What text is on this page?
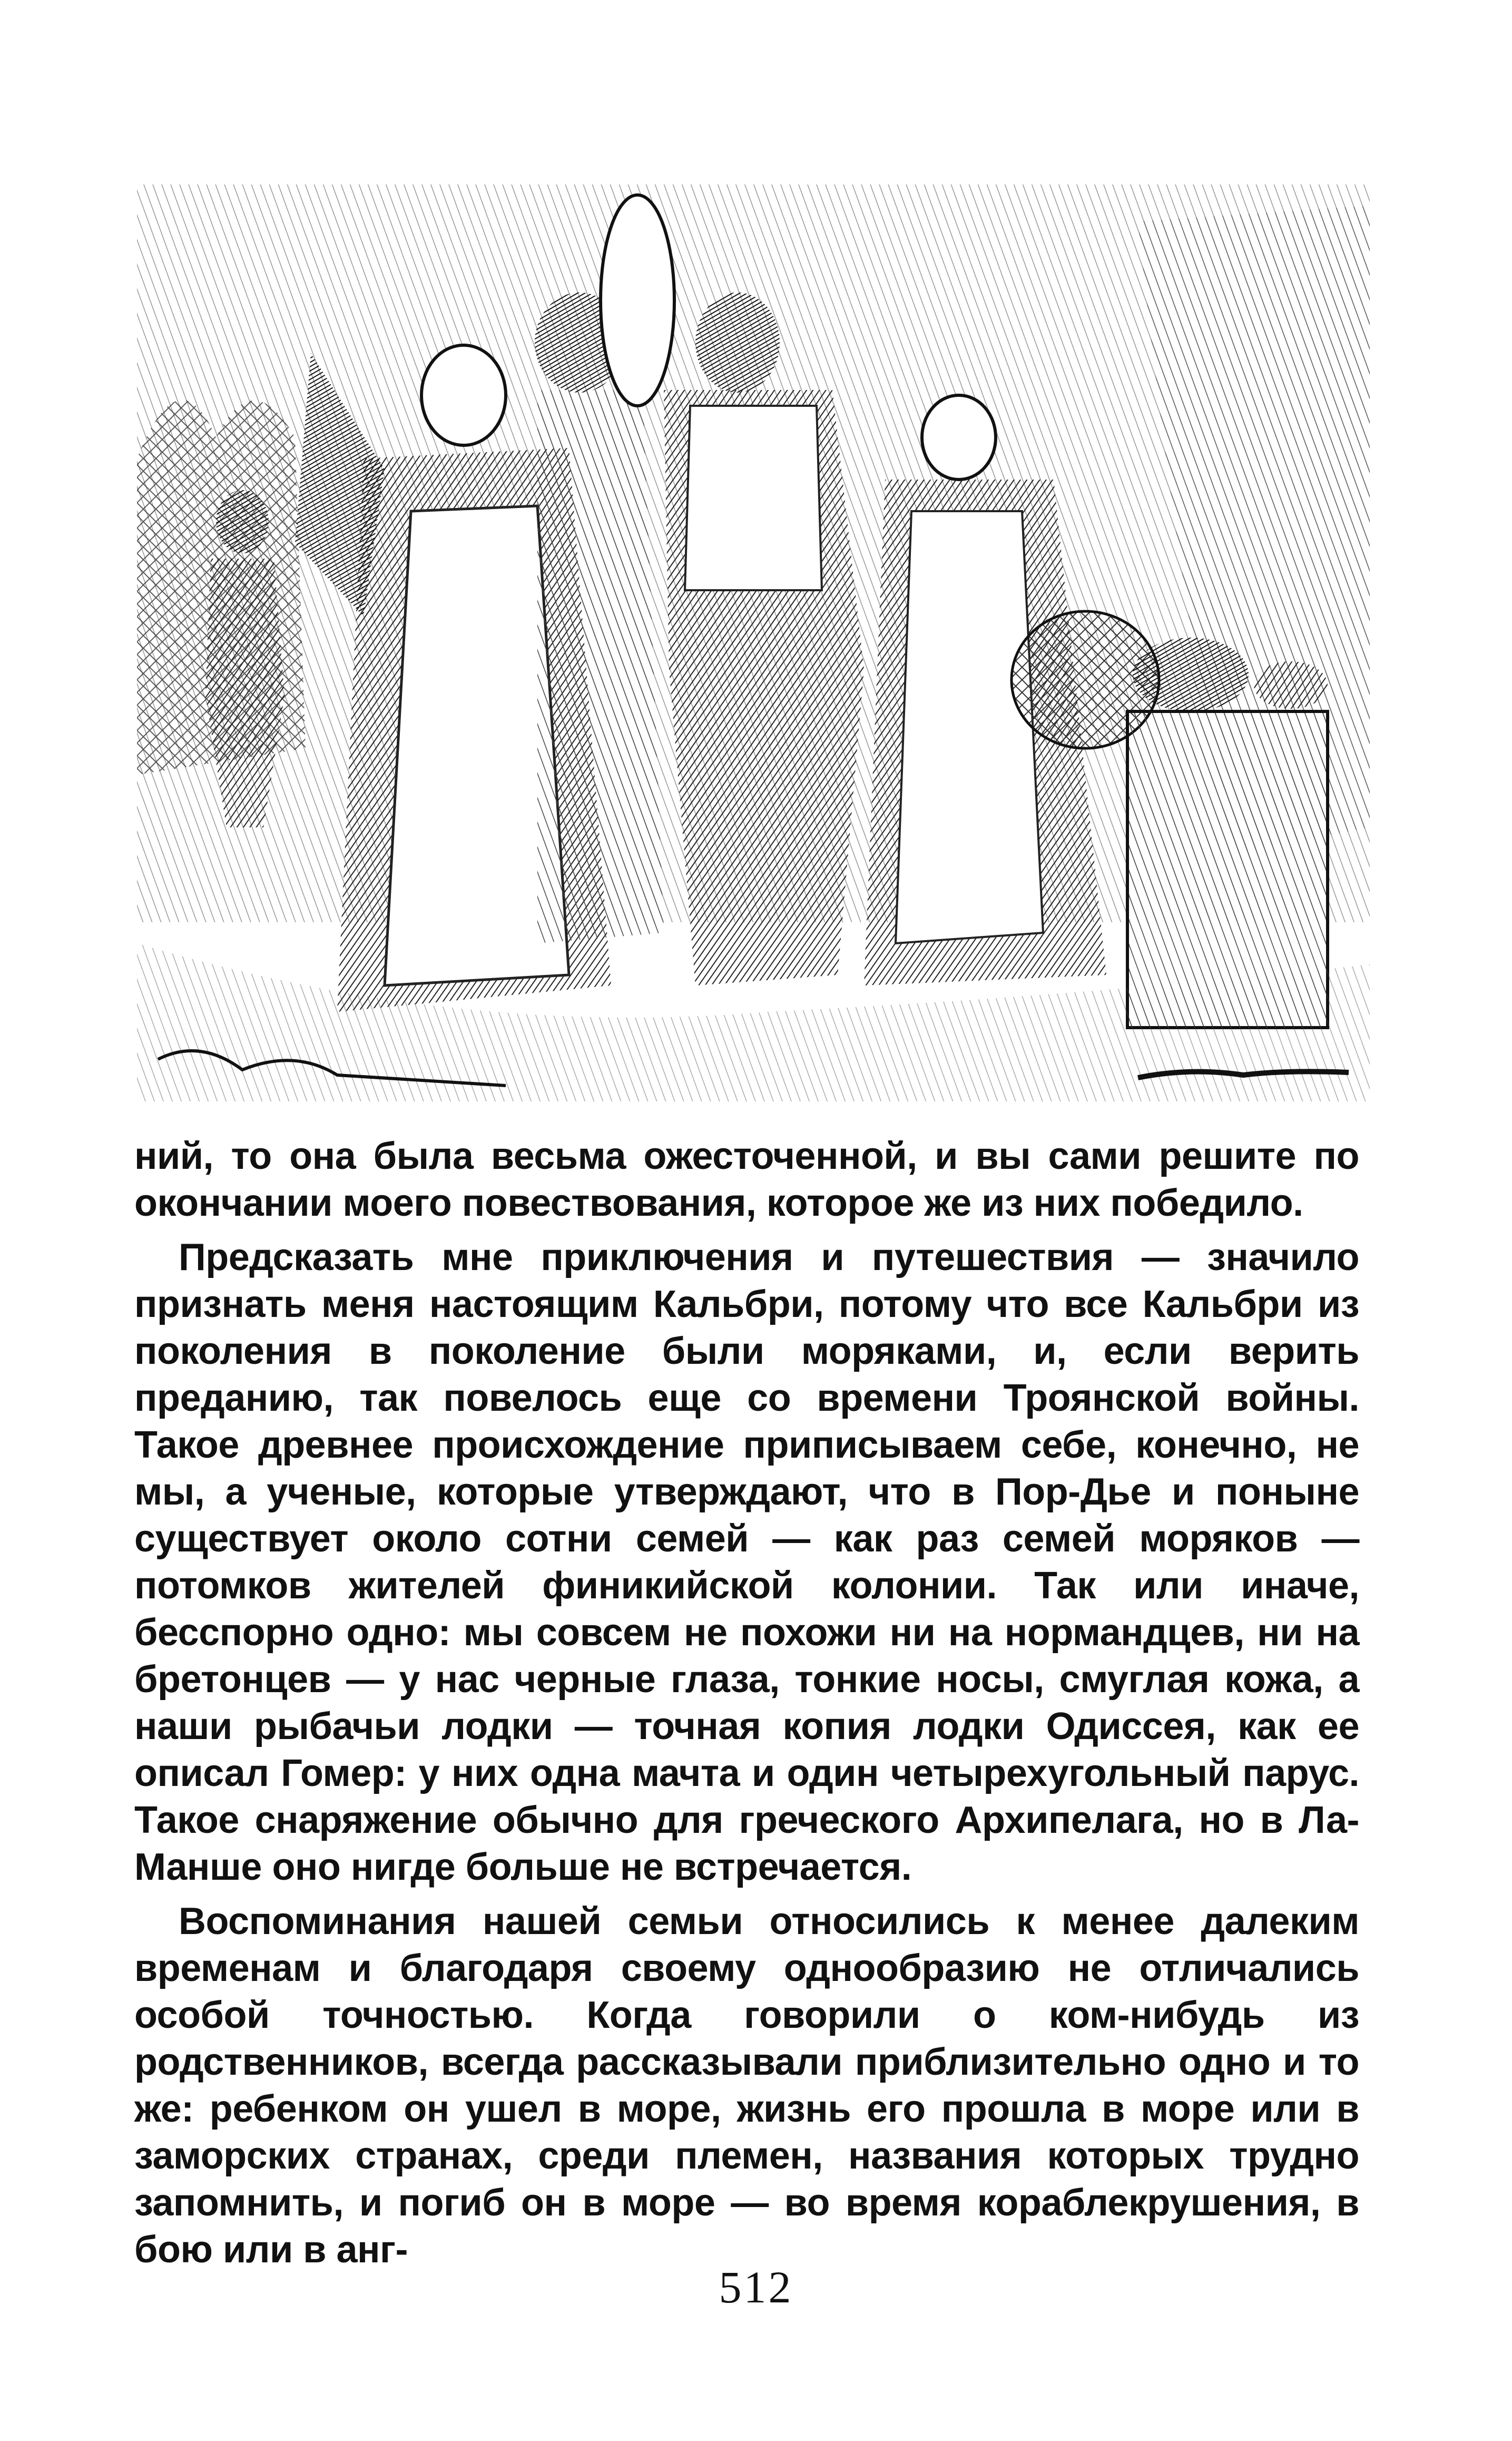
ний, то она была весьма ожесточенной, и вы сами решите по окончании моего повествования, которое же из них победило.

Предсказать мне приключения и путешествия — значило признать меня настоящим Кальбри, потому что все Кальбри из поколения в поколение были моряками, и, если верить преданию, так повелось еще со времени Троянской войны. Такое древнее происхождение приписываем себе, конечно, не мы, а ученые, которые утверждают, что в Пор-Дье и поныне существует около сотни семей — как раз семей моряков — потомков жителей финикийской колонии. Так или иначе, бесспорно одно: мы совсем не похожи ни на нормандцев, ни на бретонцев — у нас черные глаза, тонкие носы, смуглая кожа, а наши рыбачьи лодки — точная копия лодки Одиссея, как ее описал Гомер: у них одна мачта и один четырехугольный парус. Такое снаряжение обычно для греческого Архипелага, но в Ла-Манше оно нигде больше не встречается.

Воспоминания нашей семьи относились к менее далеким временам и благодаря своему однообразию не отличались особой точностью. Когда говорили о ком-нибудь из родственников, всегда рассказывали приблизительно одно и то же: ребенком он ушел в море, жизнь его прошла в море или в заморских странах, среди племен, названия которых трудно запомнить, и погиб он в море — во время кораблекрушения, в бою или в анг-

512
